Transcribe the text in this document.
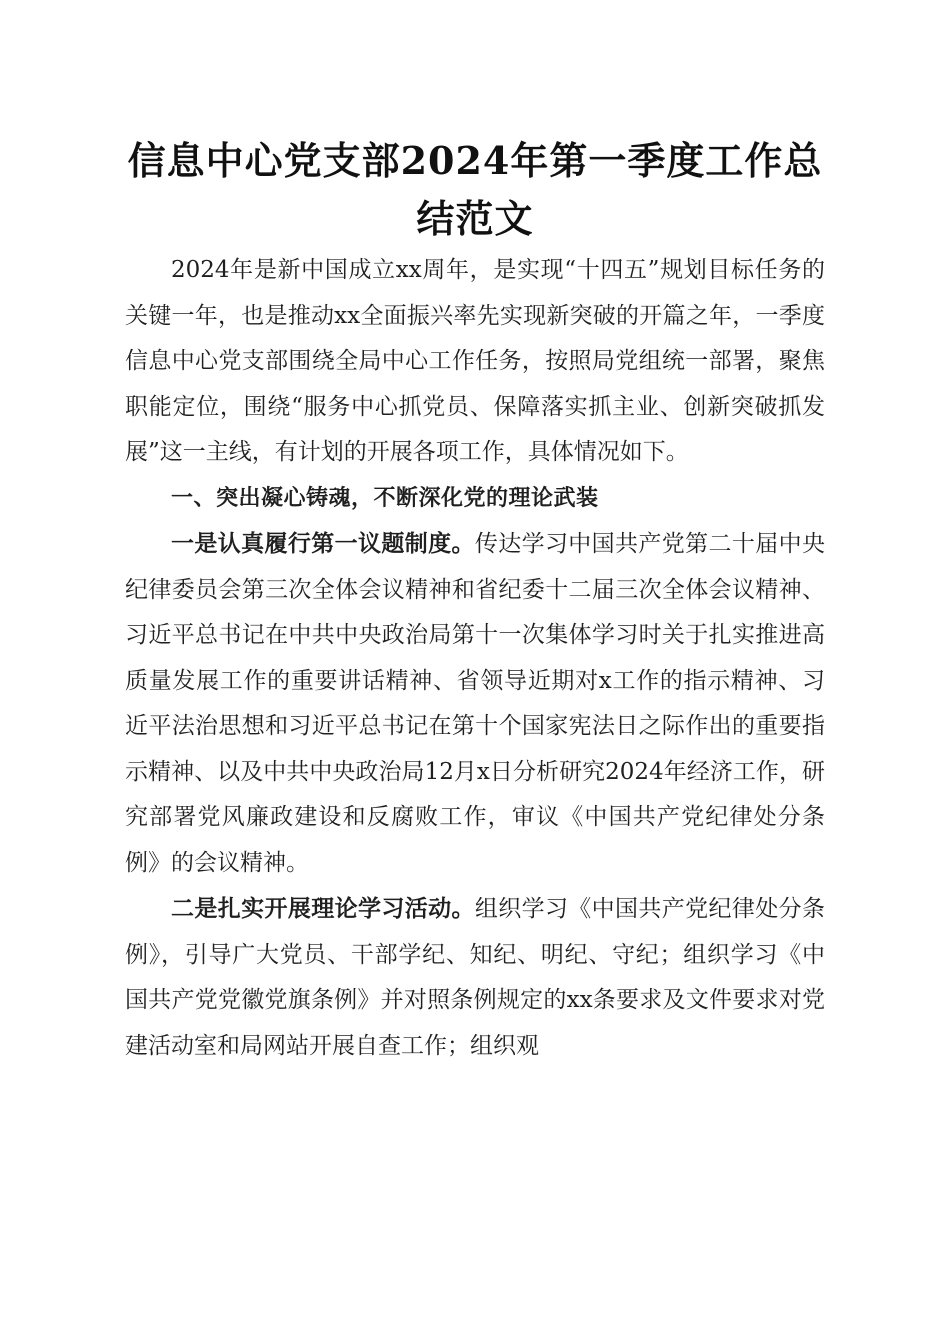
信息中心党支部2024年第一季度工作总结范文

2024年是新中国成立xx周年，是实现“十四五”规划目标任务的关键一年，也是推动xx全面振兴率先实现新突破的开篇之年，一季度信息中心党支部围绕全局中心工作任务，按照局党组统一部署，聚焦职能定位，围绕“服务中心抓党员、保障落实抓主业、创新突破抓发展”这一主线，有计划的开展各项工作，具体情况如下。

一、突出凝心铸魂，不断深化党的理论武装

一是认真履行第一议题制度。传达学习中国共产党第二十届中央纪律委员会第三次全体会议精神和省纪委十二届三次全体会议精神、习近平总书记在中共中央政治局第十一次集体学习时关于扎实推进高质量发展工作的重要讲话精神、省领导近期对x工作的指示精神、习近平法治思想和习近平总书记在第十个国家宪法日之际作出的重要指示精神、以及中共中央政治局12月x日分析研究2024年经济工作，研究部署党风廉政建设和反腐败工作，审议《中国共产党纪律处分条例》的会议精神。

二是扎实开展理论学习活动。组织学习《中国共产党纪律处分条例》，引导广大党员、干部学纪、知纪、明纪、守纪；组织学习《中国共产党党徽党旗条例》并对照条例规定的xx条要求及文件要求对党建活动室和局网站开展自查工作；组织观
